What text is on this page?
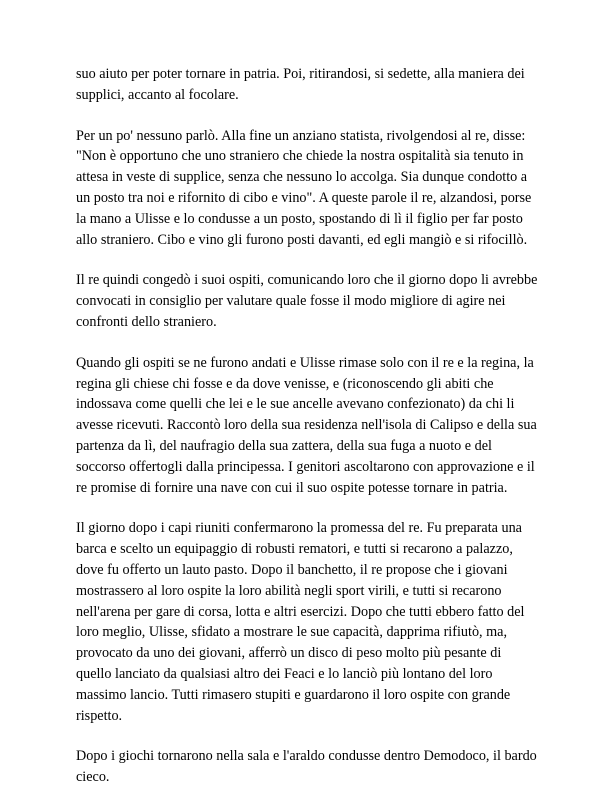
suo aiuto per poter tornare in patria. Poi, ritirandosi, si sedette, alla maniera dei supplici, accanto al focolare.

Per un po' nessuno parlò. Alla fine un anziano statista, rivolgendosi al re, disse: "Non è opportuno che uno straniero che chiede la nostra ospitalità sia tenuto in attesa in veste di supplice, senza che nessuno lo accolga. Sia dunque condotto a un posto tra noi e rifornito di cibo e vino". A queste parole il re, alzandosi, porse la mano a Ulisse e lo condusse a un posto, spostando di lì il figlio per far posto allo straniero. Cibo e vino gli furono posti davanti, ed egli mangiò e si rifocillò.

Il re quindi congedò i suoi ospiti, comunicando loro che il giorno dopo li avrebbe convocati in consiglio per valutare quale fosse il modo migliore di agire nei confronti dello straniero.

Quando gli ospiti se ne furono andati e Ulisse rimase solo con il re e la regina, la regina gli chiese chi fosse e da dove venisse, e (riconoscendo gli abiti che indossava come quelli che lei e le sue ancelle avevano confezionato) da chi li avesse ricevuti. Raccontò loro della sua residenza nell'isola di Calipso e della sua partenza da lì, del naufragio della sua zattera, della sua fuga a nuoto e del soccorso offertogli dalla principessa. I genitori ascoltarono con approvazione e il re promise di fornire una nave con cui il suo ospite potesse tornare in patria.

Il giorno dopo i capi riuniti confermarono la promessa del re. Fu preparata una barca e scelto un equipaggio di robusti rematori, e tutti si recarono a palazzo, dove fu offerto un lauto pasto. Dopo il banchetto, il re propose che i giovani mostrassero al loro ospite la loro abilità negli sport virili, e tutti si recarono nell'arena per gare di corsa, lotta e altri esercizi. Dopo che tutti ebbero fatto del loro meglio, Ulisse, sfidato a mostrare le sue capacità, dapprima rifiutò, ma, provocato da uno dei giovani, afferrò un disco di peso molto più pesante di quello lanciato da qualsiasi altro dei Feaci e lo lanciò più lontano del loro massimo lancio. Tutti rimasero stupiti e guardarono il loro ospite con grande rispetto.

Dopo i giochi tornarono nella sala e l'araldo condusse dentro Demodoco, il bardo cieco.
